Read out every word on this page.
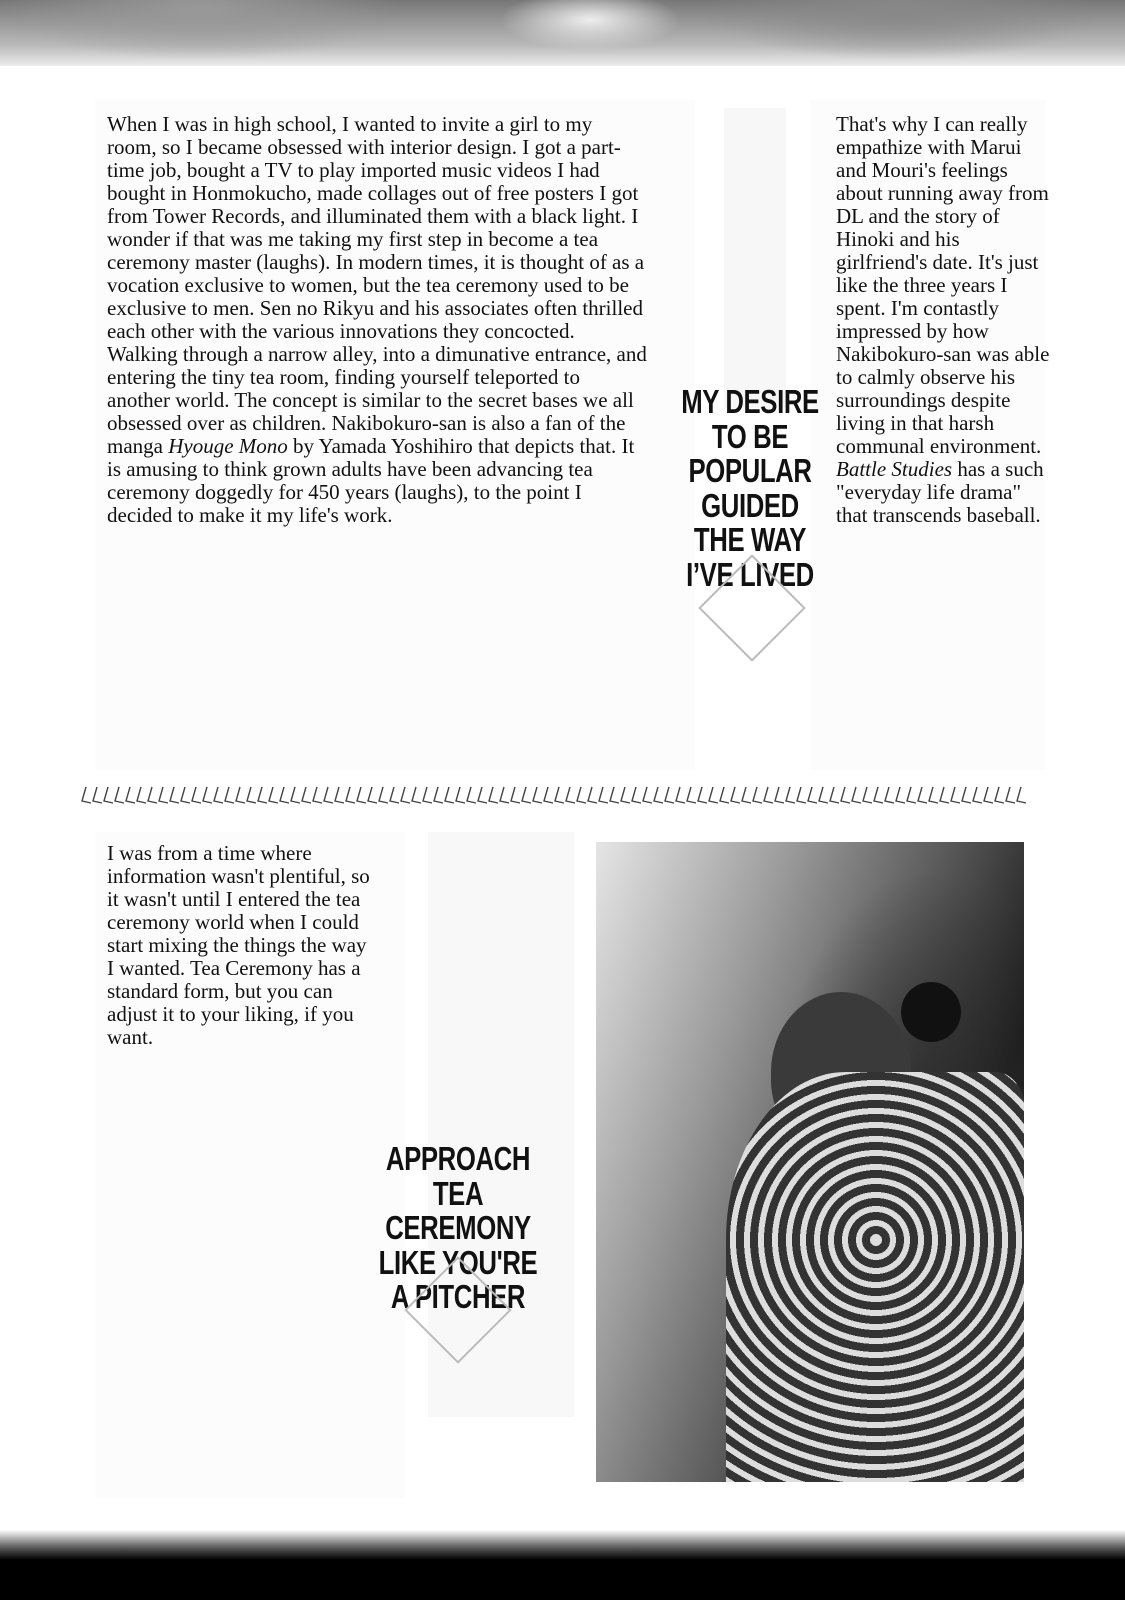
When I was in high school, I wanted to invite a girl to my room, so I became obsessed with interior design. I got a part-time job, bought a TV to play imported music videos I had bought in Honmokucho, made collages out of free posters I got from Tower Records, and illuminated them with a black light. I wonder if that was me taking my first step in become a tea ceremony master (laughs). In modern times, it is thought of as a vocation exclusive to women, but the tea ceremony used to be exclusive to men. Sen no Rikyu and his associates often thrilled each other with the various innovations they concocted. Walking through a narrow alley, into a dimunative entrance, and entering the tiny tea room, finding yourself teleported to another world. The concept is similar to the secret bases we all obsessed over as children. Nakibokuro-san is also a fan of the manga Hyouge Mono by Yamada Yoshihiro that depicts that. It is amusing to think grown adults have been advancing tea ceremony doggedly for 450 years (laughs), to the point I decided to make it my life's work.
MY DESIRE
TO BE
POPULAR
GUIDED
THE WAY
I’VE LIVED
That's why I can really empathize with Marui and Mouri's feelings about running away from DL and the story of Hinoki and his girlfriend's date. It's just like the three years I spent. I'm contastly impressed by how Nakibokuro-san was able to calmly observe his surroundings despite living in that harsh communal environment. Battle Studies has a such "everyday life drama" that transcends baseball.
I was from a time where information wasn't plentiful, so it wasn't until I entered the tea ceremony world when I could start mixing the things the way I wanted. Tea Ceremony has a standard form, but you can adjust it to your liking, if you want.
APPROACH
TEA CEREMONY
LIKE YOU'RE
A PITCHER
